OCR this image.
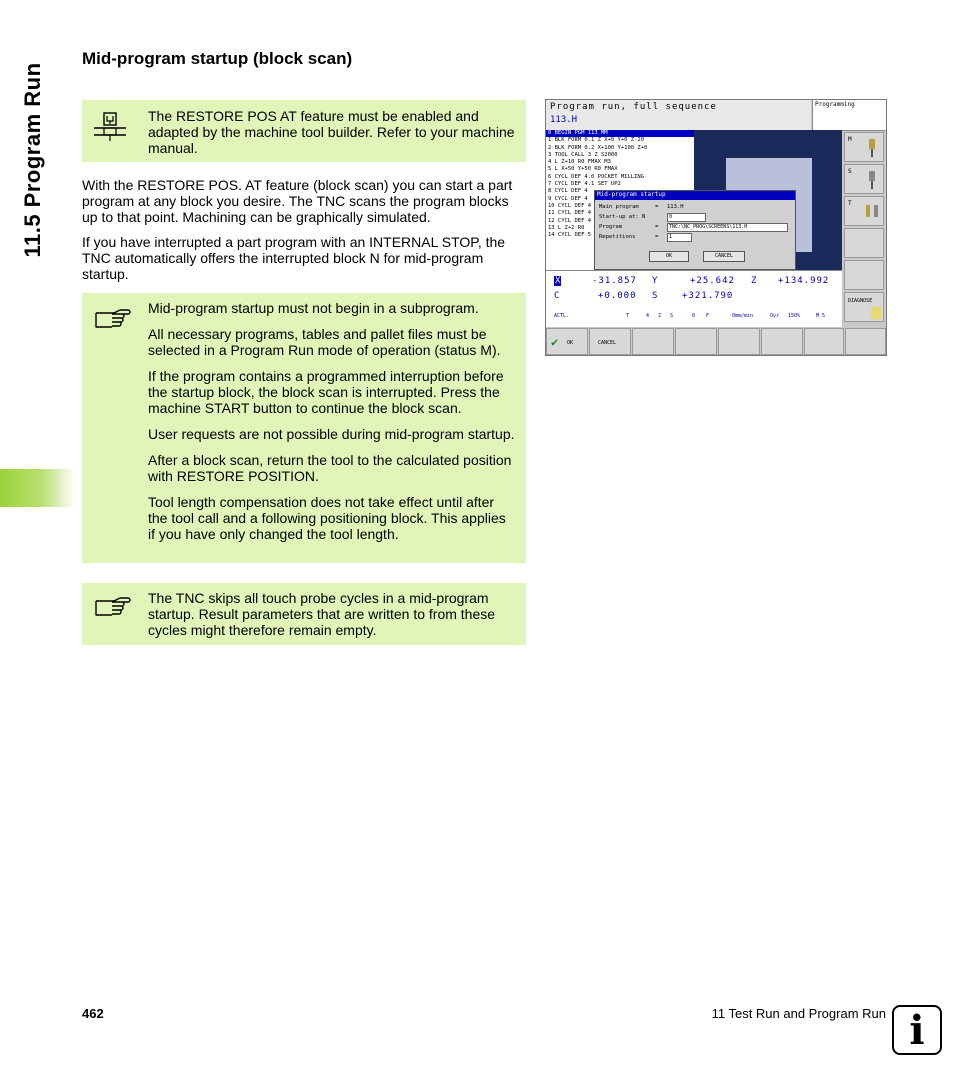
11.5 Program Run
Mid-program startup (block scan)
The RESTORE POS AT feature must be enabled and adapted by the machine tool builder. Refer to your machine manual.

With the RESTORE POS. AT feature (block scan) you can start a part program at any block you desire. The TNC scans the program blocks up to that point. Machining can be graphically simulated.

If you have interrupted a part program with an INTERNAL STOP, the TNC automatically offers the interrupted block N for mid-program startup.

Mid-program startup must not begin in a subprogram.

All necessary programs, tables and pallet files must be selected in a Program Run mode of operation (status M).

If the program contains a programmed interruption before the startup block, the block scan is interrupted. Press the machine START button to continue the block scan.

User requests are not possible during mid-program startup.

After a block scan, return the tool to the calculated position with RESTORE POSITION.

Tool length compensation does not take effect until after the tool call and a following positioning block. This applies if you have only changed the tool length.

The TNC skips all touch probe cycles in a mid-program startup. Result parameters that are written to from these cycles might therefore remain empty.
Program run, full sequence
113.H
Programming
0 BEGIN PGM 113 MM
1 BLK FORM 0.1 Z X+0 Y+0 Z-20
2 BLK FORM 0.2 X+100 Y+100 Z+0
3 TOOL CALL 3 Z S2000
4 L Z+10 R0 FMAX M3
5 L X+50 Y+50 R0 FMAX
6 CYCL DEF 4.0 POCKET MILLING
7 CYCL DEF 4.1 SET UP2
8 CYCL DEF 4
9 CYCL DEF 4
10 CYCL DEF 4
11 CYCL DEF 4
12 CYCL DEF 4
13 L Z+2 R0
14 CYCL DEF 5
Mid-program startup
Main program	= 113.H
Start-up at: N	0
Program	=	TNC:\NC_PROG\SCREENS\113.H
Repetitions	=	1
OK	CANCEL
M
S
T
DIAGNOSE
X	-31.857 Y	+25.642 Z +134.992
C	+0.000 S	+321.790
ACTL.	T	4 Z S	0 F	0mm/min	Ovr 150%	M 5
✔ OK	CANCEL
462	11 Test Run and Program Run i
